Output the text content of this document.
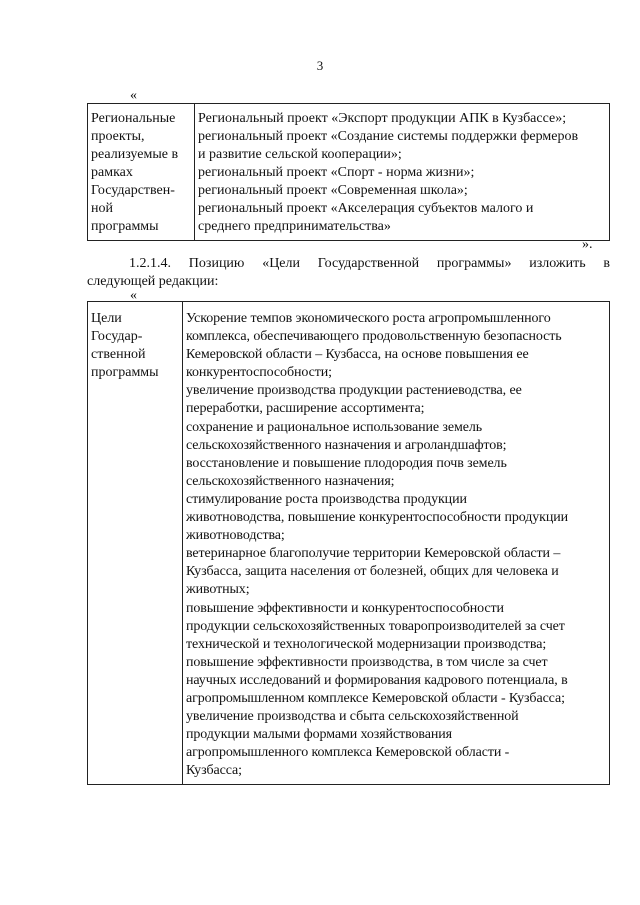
3
«
Региональные
проекты,
реализуемые в
рамках
Государствен-
ной
программы

Региональный проект «Экспорт продукции АПК в Кузбассе»;
региональный проект «Создание системы поддержки фермеров
и развитие сельской кооперации»;
региональный проект «Спорт - норма жизни»;
региональный проект «Современная школа»;
региональный проект «Акселерация субъектов малого и
среднего предпринимательства»
».
1.2.1.4. Позицию «Цели Государственной программы» изложить в
следующей редакции:
«
Цели
Государ-
ственной
программы

Ускорение темпов экономического роста агропромышленного
комплекса, обеспечивающего продовольственную безопасность
Кемеровской области – Кузбасса, на основе повышения ее
конкурентоспособности;
увеличение производства продукции растениеводства, ее
переработки, расширение ассортимента;
сохранение и рациональное использование земель
сельскохозяйственного назначения и агроландшафтов;
восстановление и повышение плодородия почв земель
сельскохозяйственного назначения;
стимулирование роста производства продукции
животноводства, повышение конкурентоспособности продукции
животноводства;
ветеринарное благополучие территории Кемеровской области –
Кузбасса, защита населения от болезней, общих для человека и
животных;
повышение эффективности и конкурентоспособности
продукции сельскохозяйственных товаропроизводителей за счет
технической и технологической модернизации производства;
повышение эффективности производства, в том числе за счет
научных исследований и формирования кадрового потенциала, в
агропромышленном комплексе Кемеровской области - Кузбасса;
увеличение производства и сбыта сельскохозяйственной
продукции малыми формами хозяйствования
агропромышленного комплекса Кемеровской области -
Кузбасса;
